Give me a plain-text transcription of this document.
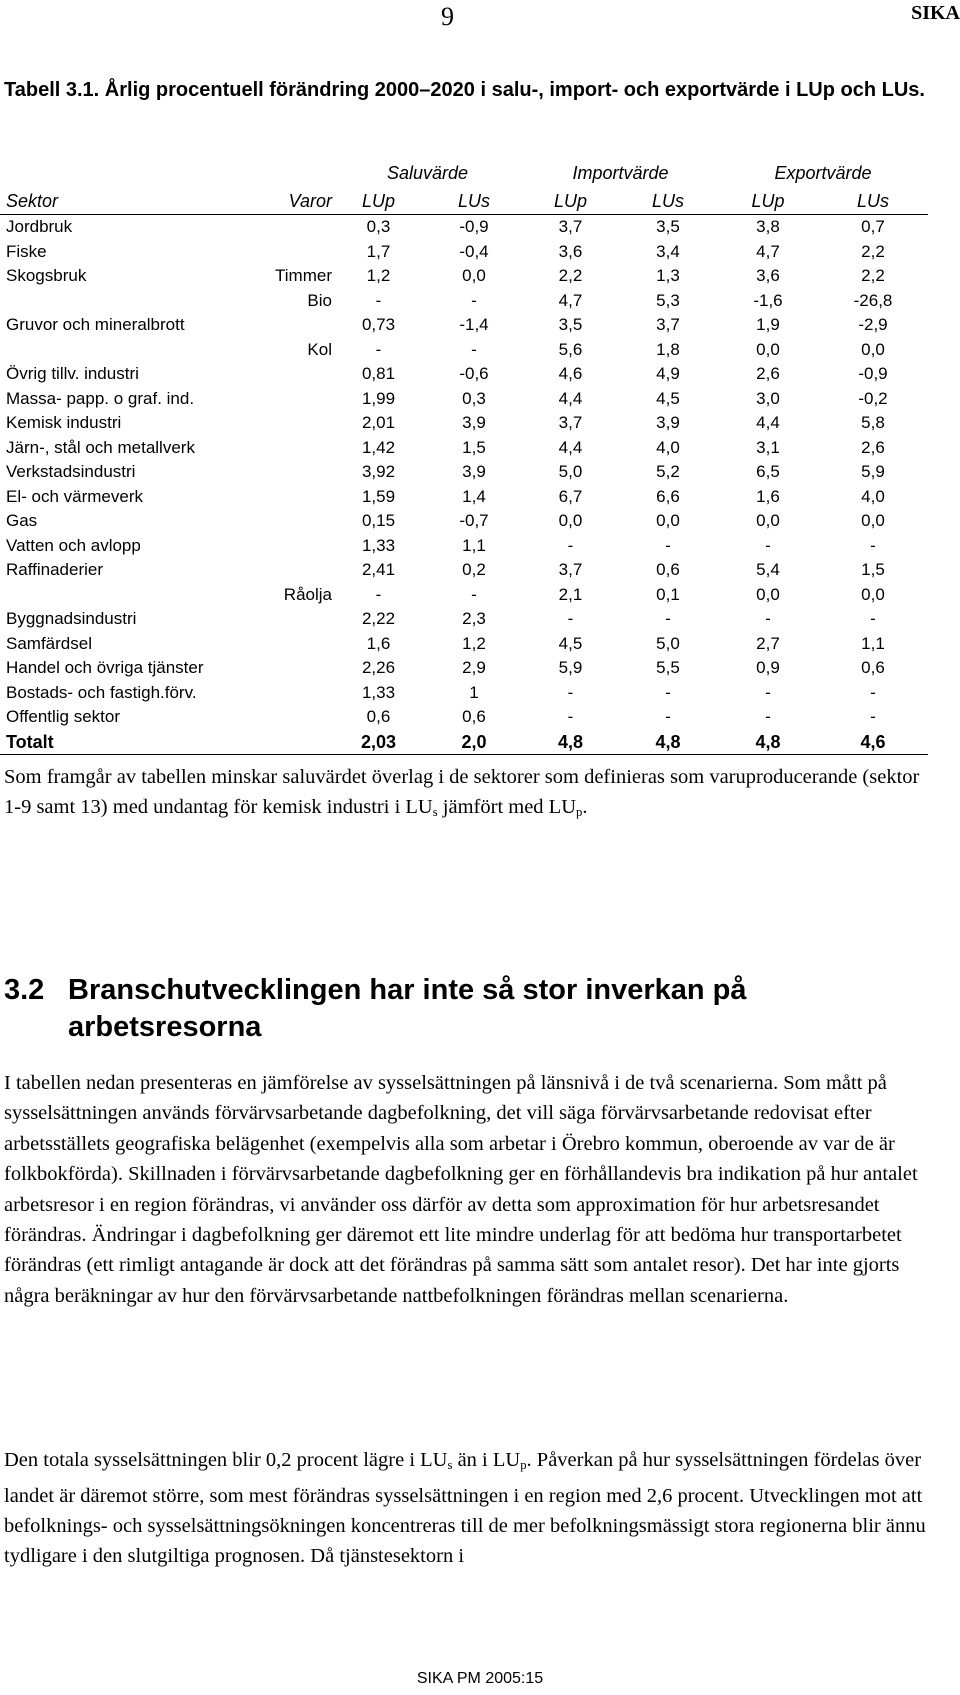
9	SIKA
Tabell 3.1. Årlig procentuell förändring 2000–2020 i salu-, import- och exportvärde i LUp och LUs.
		Saluvärde		Importvärde		Exportvärde	
Sektor	Varor	LUp	LUs	LUp	LUs	LUp	LUs
Jordbruk		0,3	-0,9	3,7	3,5	3,8	0,7
Fiske		1,7	-0,4	3,6	3,4	4,7	2,2
Skogsbruk	Timmer	1,2	0,0	2,2	1,3	3,6	2,2
	Bio	-	-	4,7	5,3	-1,6	-26,8
Gruvor och mineralbrott		0,73	-1,4	3,5	3,7	1,9	-2,9
	Kol	-	-	5,6	1,8	0,0	0,0
Övrig tillv. industri		0,81	-0,6	4,6	4,9	2,6	-0,9
Massa- papp. o graf. ind.		1,99	0,3	4,4	4,5	3,0	-0,2
Kemisk industri		2,01	3,9	3,7	3,9	4,4	5,8
Järn-, stål och metallverk		1,42	1,5	4,4	4,0	3,1	2,6
Verkstadsindustri		3,92	3,9	5,0	5,2	6,5	5,9
El- och värmeverk		1,59	1,4	6,7	6,6	1,6	4,0
Gas		0,15	-0,7	0,0	0,0	0,0	0,0
Vatten och avlopp		1,33	1,1	-	-	-	-
Raffinaderier		2,41	0,2	3,7	0,6	5,4	1,5
	Råolja	-	-	2,1	0,1	0,0	0,0
Byggnadsindustri		2,22	2,3	-	-	-	-
Samfärdsel		1,6	1,2	4,5	5,0	2,7	1,1
Handel och övriga tjänster		2,26	2,9	5,9	5,5	0,9	0,6
Bostads- och fastigh.förv.		1,33	1	-	-	-	-
Offentlig sektor		0,6	0,6	-	-	-	-
Totalt		2,03	2,0	4,8	4,8	4,8	4,6
Som framgår av tabellen minskar saluvärdet överlag i de sektorer som definieras som varuproducerande (sektor 1-9 samt 13) med undantag för kemisk industri i $LU_s$ jämfört med $LU_p$.
3.2 Branschutvecklingen har inte så stor inverkan på
arbetsresorna
I tabellen nedan presenteras en jämförelse av sysselsättningen på länsnivå i de två scenarierna. Som mått på sysselsättningen används förvärvsarbetande dagbefolkning, det vill säga förvärvsarbetande redovisat efter arbetsställets geografiska belägenhet (exempelvis alla som arbetar i Örebro kommun, oberoende av var de är folkbokförda). Skillnaden i förvärvsarbetande dagbefolkning ger en förhållandevis bra indikation på hur antalet arbetsresor i en region förändras, vi använder oss därför av detta som approximation för hur arbetsresandet förändras. Ändringar i dagbefolkning ger däremot ett lite mindre underlag för att bedöma hur transportarbetet förändras (ett rimligt antagande är dock att det förändras på samma sätt som antalet resor). Det har inte gjorts några beräkningar av hur den förvärvsarbetande nattbefolkningen förändras mellan scenarierna.
Den totala sysselsättningen blir 0,2 procent lägre i $LU_s$ än i $LU_p$. Påverkan på hur sysselsättningen fördelas över landet är däremot större, som mest förändras sysselsättningen i en region med 2,6 procent. Utvecklingen mot att befolknings- och sysselsättningsökningen koncentreras till de mer befolkningsmässigt stora regionerna blir ännu tydligare i den slutgiltiga prognosen. Då tjänstesektorn i
SIKA PM 2005:15
